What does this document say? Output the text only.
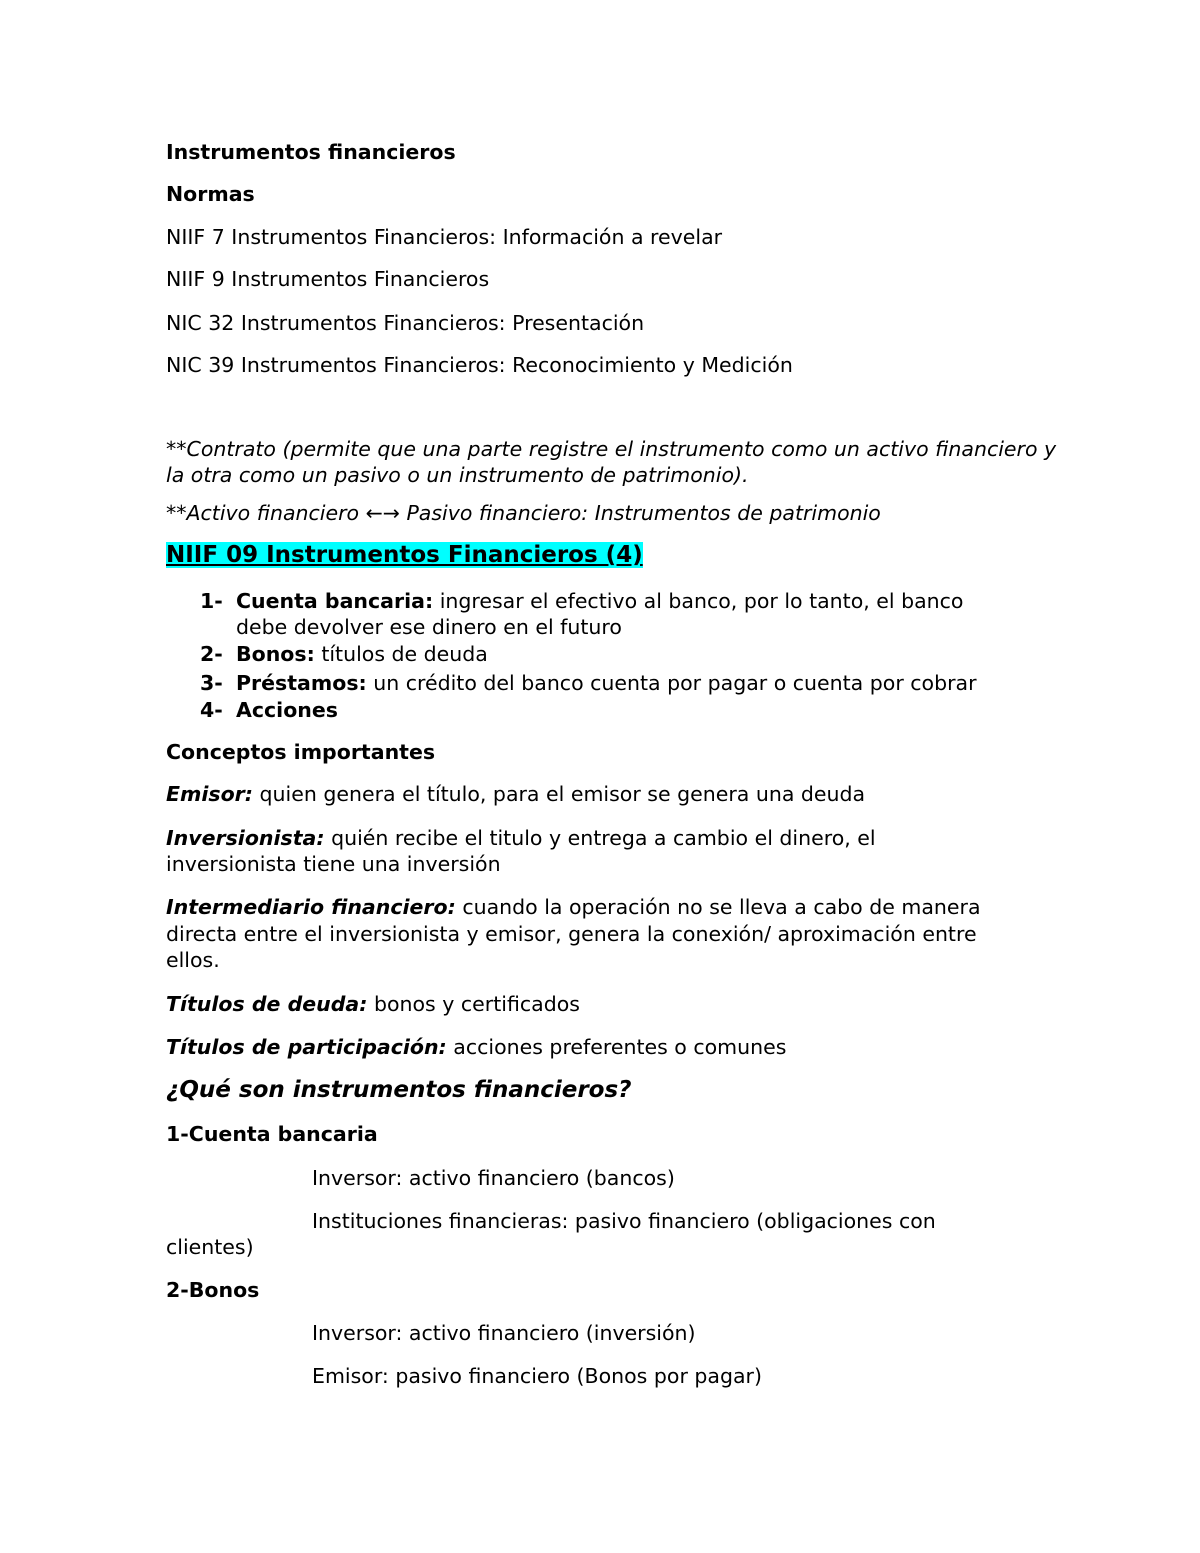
Instrumentos financieros
Normas
NIIF 7 Instrumentos Financieros: Información a revelar
NIIF 9 Instrumentos Financieros
NIC 32 Instrumentos Financieros: Presentación
NIC 39 Instrumentos Financieros: Reconocimiento y Medición
**Contrato (permite que una parte registre el instrumento como un activo financiero y
la otra como un pasivo o un instrumento de patrimonio).
**Activo financiero ←→ Pasivo financiero: Instrumentos de patrimonio
NIIF 09 Instrumentos Financieros (4)
1- Cuenta bancaria: ingresar el efectivo al banco, por lo tanto, el banco
debe devolver ese dinero en el futuro
2- Bonos: títulos de deuda
3- Préstamos: un crédito del banco cuenta por pagar o cuenta por cobrar
4- Acciones
Conceptos importantes
Emisor: quien genera el título, para el emisor se genera una deuda
Inversionista: quién recibe el titulo y entrega a cambio el dinero, el
inversionista tiene una inversión
Intermediario financiero: cuando la operación no se lleva a cabo de manera
directa entre el inversionista y emisor, genera la conexión/ aproximación entre
ellos.
Títulos de deuda: bonos y certificados
Títulos de participación: acciones preferentes o comunes
¿Qué son instrumentos financieros?
1-Cuenta bancaria
Inversor: activo financiero (bancos)
Instituciones financieras: pasivo financiero (obligaciones con
clientes)
2-Bonos
Inversor: activo financiero (inversión)
Emisor: pasivo financiero (Bonos por pagar)
